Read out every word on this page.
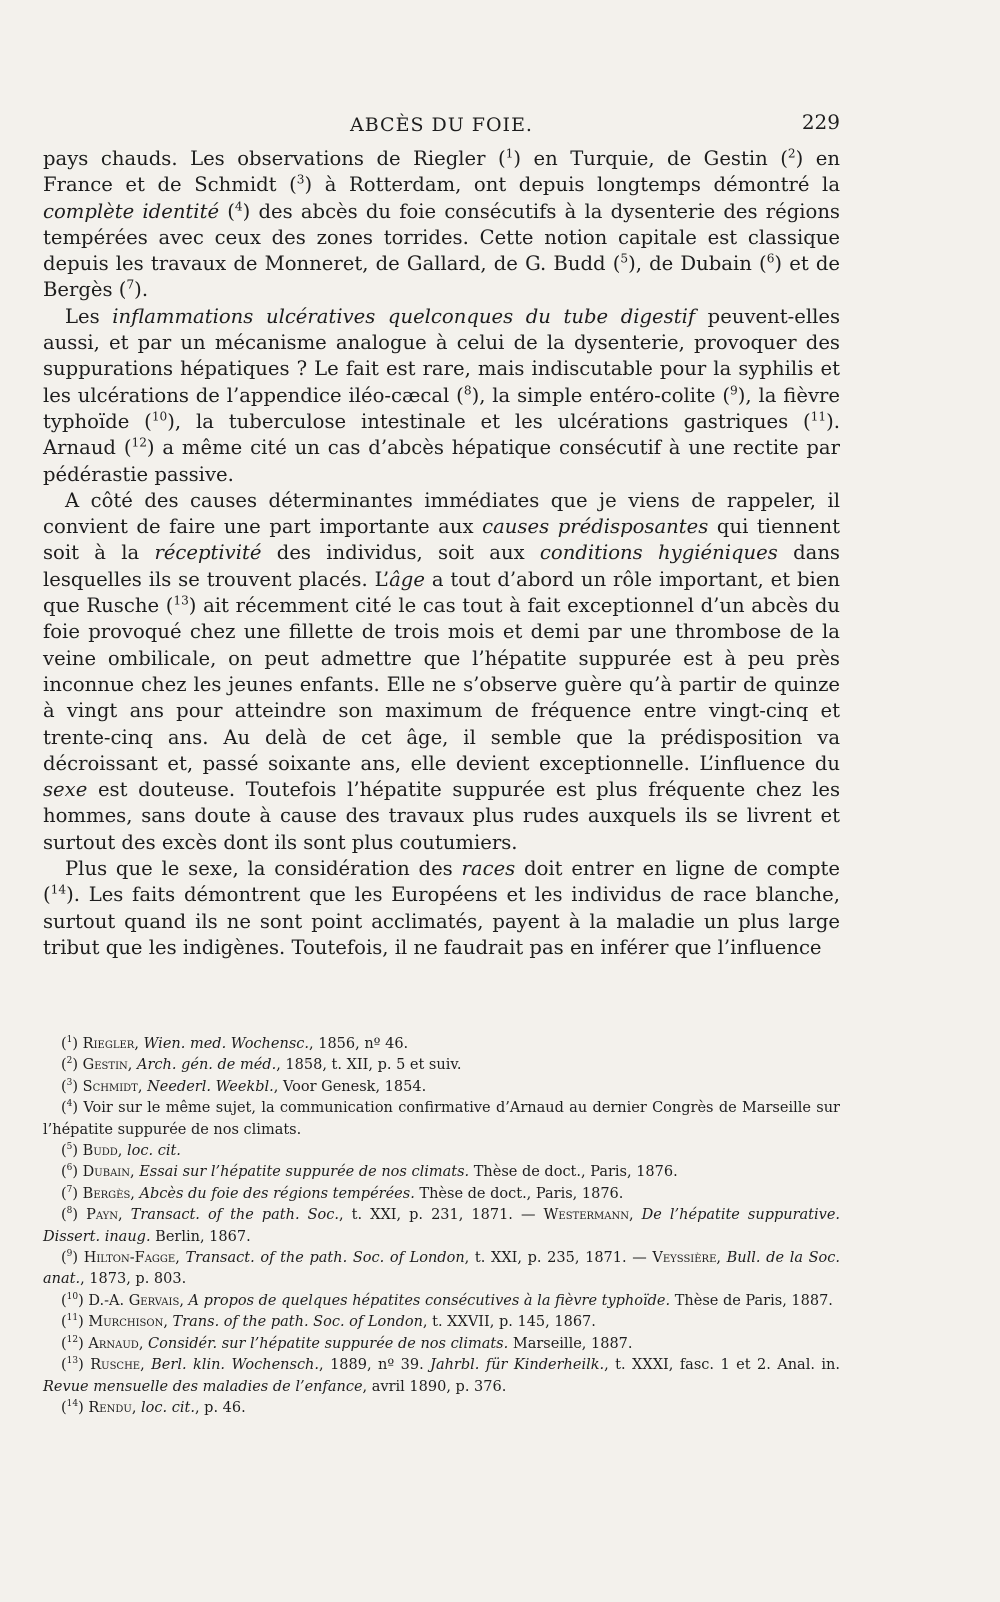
ABCÈS DU FOIE.	229

pays chauds. Les observations de Riegler ($^1$) en Turquie, de Gestin ($^2$) en France et de Schmidt ($^3$) à Rotterdam, ont depuis longtemps démontré la complète identité ($^4$) des abcès du foie consécutifs à la dysenterie des régions tempérées avec ceux des zones torrides. Cette notion capitale est classique depuis les travaux de Monneret, de Gallard, de G. Budd ($^5$), de Dubain ($^6$) et de Bergès ($^7$).

Les inflammations ulcératives quelconques du tube digestif peuvent-elles aussi, et par un mécanisme analogue à celui de la dysenterie, provoquer des suppurations hépatiques ? Le fait est rare, mais indiscutable pour la syphilis et les ulcérations de l’appendice iléo-cæcal ($^8$), la simple entéro-colite ($^9$), la fièvre typhoïde ($^{10}$), la tuberculose intestinale et les ulcérations gastriques ($^{11}$). Arnaud ($^{12}$) a même cité un cas d’abcès hépatique consécutif à une rectite par pédérastie passive.

A côté des causes déterminantes immédiates que je viens de rappeler, il convient de faire une part importante aux causes prédisposantes qui tiennent soit à la réceptivité des individus, soit aux conditions hygiéniques dans lesquelles ils se trouvent placés. L’âge a tout d’abord un rôle important, et bien que Rusche ($^{13}$) ait récemment cité le cas tout à fait exceptionnel d’un abcès du foie provoqué chez une fillette de trois mois et demi par une thrombose de la veine ombilicale, on peut admettre que l’hépatite suppurée est à peu près inconnue chez les jeunes enfants. Elle ne s’observe guère qu’à partir de quinze à vingt ans pour atteindre son maximum de fréquence entre vingt-cinq et trente-cinq ans. Au delà de cet âge, il semble que la prédisposition va décroissant et, passé soixante ans, elle devient exceptionnelle. L’influence du sexe est douteuse. Toutefois l’hépatite suppurée est plus fréquente chez les hommes, sans doute à cause des travaux plus rudes auxquels ils se livrent et surtout des excès dont ils sont plus coutumiers.

Plus que le sexe, la considération des races doit entrer en ligne de compte ($^{14}$). Les faits démontrent que les Européens et les individus de race blanche, surtout quand ils ne sont point acclimatés, payent à la maladie un plus large tribut que les indigènes. Toutefois, il ne faudrait pas en inférer que l’influence

($^1$) Riegler, Wien. med. Wochensc., 1856, nº 46.

($^2$) Gestin, Arch. gén. de méd., 1858, t. XII, p. 5 et suiv.

($^3$) Schmidt, Neederl. Weekbl., Voor Genesk, 1854.

($^4$) Voir sur le même sujet, la communication confirmative d’Arnaud au dernier Congrès de Marseille sur l’hépatite suppurée de nos climats.

($^5$) Budd, loc. cit.

($^6$) Dubain, Essai sur l’hépatite suppurée de nos climats. Thèse de doct., Paris, 1876.

($^7$) Bergès, Abcès du foie des régions tempérées. Thèse de doct., Paris, 1876.

($^8$) Payn, Transact. of the path. Soc., t. XXI, p. 231, 1871. — Westermann, De l’hépatite suppurative. Dissert. inaug. Berlin, 1867.

($^9$) Hilton-Fagge, Transact. of the path. Soc. of London, t. XXI, p. 235, 1871. — Veyssière, Bull. de la Soc. anat., 1873, p. 803.

($^{10}$) D.-A. Gervais, A propos de quelques hépatites consécutives à la fièvre typhoïde. Thèse de Paris, 1887.

($^{11}$) Murchison, Trans. of the path. Soc. of London, t. XXVII, p. 145, 1867.

($^{12}$) Arnaud, Considér. sur l’hépatite suppurée de nos climats. Marseille, 1887.

($^{13}$) Rusche, Berl. klin. Wochensch., 1889, nº 39. Jahrbl. für Kinderheilk., t. XXXI, fasc. 1 et 2. Anal. in. Revue mensuelle des maladies de l’enfance, avril 1890, p. 376.

($^{14}$) Rendu, loc. cit., p. 46.
